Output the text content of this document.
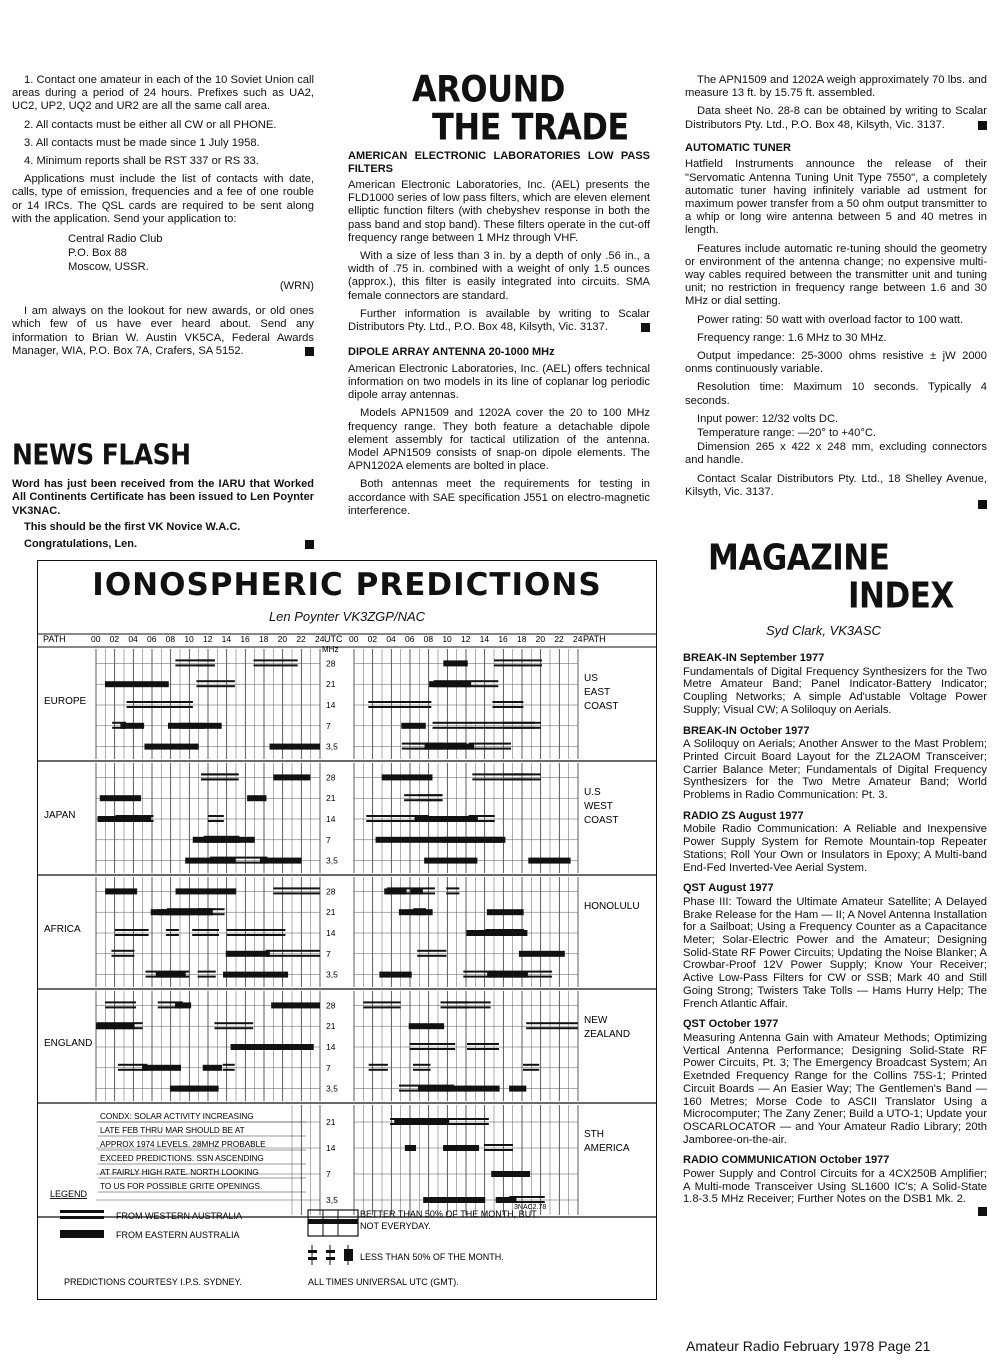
1. Contact one amateur in each of the 10 Soviet Union call areas during a period of 24 hours. Prefixes such as UA2, UC2, UP2, UQ2 and UR2 are all the same call area.

2. All contacts must be either all CW or all PHONE.

3. All contacts must be made since 1 July 1958.

4. Minimum reports shall be RST 337 or RS 33.

Applications must include the list of contacts with date, calls, type of emission, frequencies and a fee of one rouble or 14 IRCs. The QSL cards are required to be sent along with the application. Send your application to:

Central Radio Club
P.O. Box 88
Moscow, USSR.
(WRN)

I am always on the lookout for new awards, or old ones which few of us have ever heard about. Send any information to Brian W. Austin VK5CA, Federal Awards Manager, WIA, P.O. Box 7A, Crafers, SA 5152.

NEWS FLASH

Word has just been received from the IARU that Worked All Continents Certificate has been issued to Len Poynter VK3NAC.

This should be the first VK Novice W.A.C.

Congratulations, Len.

AROUND
THE TRADE
AMERICAN ELECTRONIC LABORATORIES LOW PASS FILTERS

American Electronic Laboratories, Inc. (AEL) presents the FLD1000 series of low pass filters, which are eleven element elliptic function filters (with chebyshev response in both the pass band and stop band). These filters operate in the cut-off frequency range between 1 MHz through VHF.

With a size of less than 3 in. by a depth of only .56 in., a width of .75 in. combined with a weight of only 1.5 ounces (approx.), this filter is easily integrated into circuits. SMA female connectors are standard.

Further information is available by writing to Scalar Distributors Pty. Ltd., P.O. Box 48, Kilsyth, Vic. 3137.

DIPOLE ARRAY ANTENNA 20-1000 MHz

American Electronic Laboratories, Inc. (AEL) offers technical information on two models in its line of coplanar log periodic dipole array antennas.

Models APN1509 and 1202A cover the 20 to 100 MHz frequency range. They both feature a detachable dipole element assembly for tactical utilization of the antenna. Model APN1509 consists of snap-on dipole elements. The APN1202A elements are bolted in place.

Both antennas meet the requirements for testing in accordance with SAE specification J551 on electro-magnetic interference.

The APN1509 and 1202A weigh approximately 70 lbs. and measure 13 ft. by 15.75 ft. assembled.

Data sheet No. 28-8 can be obtained by writing to Scalar Distributors Pty. Ltd., P.O. Box 48, Kilsyth, Vic. 3137.

AUTOMATIC TUNER

Hatfield Instruments announce the release of their "Servomatic Antenna Tuning Unit Type 7550", a completely automatic tuner having infinitely variable ad ustment for maximum power transfer from a 50 ohm output transmitter to a whip or long wire antenna between 5 and 40 metres in length.

Features include automatic re-tuning should the geometry or environment of the antenna change; no expensive multi-way cables required between the transmitter unit and tuning unit; no restriction in frequency range between 1.6 and 30 MHz or dial setting.

Power rating: 50 watt with overload factor to 100 watt.

Frequency range: 1.6 MHz to 30 MHz.

Output impedance: 25-3000 ohms resistive ± jW 2000 onms continuously variable.

Resolution time: Maximum 10 seconds. Typically 4 seconds.

Input power: 12/32 volts DC.

Temperature range: —20° to +40°C.

Dimension 265 x 422 x 248 mm, excluding connectors and handle.

Contact Scalar Distributors Pty. Ltd., 18 Shelley Avenue, Kilsyth, Vic. 3137.

MAGAZINE
INDEX
Syd Clark, VK3ASC
BREAK-IN September 1977

Fundamentals of Digital Frequency Synthesizers for the Two Metre Amateur Band; Panel Indicator-Battery Indicator; Coupling Networks; A simple Ad'ustable Voltage Power Supply; Visual CW; A Soliloquy on Aerials.

BREAK-IN October 1977

A Soliloquy on Aerials; Another Answer to the Mast Problem; Printed Circuit Board Layout for the ZL2AOM Transceiver; Carrier Balance Meter; Fundamentals of Digital Frequency Synthesizers for the Two Metre Amateur Band; World Problems in Radio Communication: Pt. 3.

RADIO ZS August 1977

Mobile Radio Communication: A Reliable and Inexpensive Power Supply System for Remote Mountain-top Repeater Stations; Roll Your Own or Insulators in Epoxy; A Multi-band End-Fed Inverted-Vee Aerial System.

QST August 1977

Phase III: Toward the Ultimate Amateur Satellite; A Delayed Brake Release for the Ham — II; A Novel Antenna Installation for a Sailboat; Using a Frequency Counter as a Capacitance Meter; Solar-Electric Power and the Amateur; Designing Solid-State RF Power Circuits; Updating the Noise Blanker; A Crowbar-Proof 12V Power Supply; Know Your Receiver; Active Low-Pass Filters for CW or SSB; Mark 40 and Still Going Strong; Twisters Take Tolls — Hams Hurry Help; The French Atlantic Affair.

QST October 1977

Measuring Antenna Gain with Amateur Methods; Optimizing Vertical Antenna Performance; Designing Solid-State RF Power Circuits, Pt. 3; The Emergency Broadcast System; An Exetnded Frequency Range for the Collins 75S-1; Printed Circuit Boards — An Easier Way; The Gentlemen's Band — 160 Metres; Morse Code to ASCII Translator Using a Microcomputer; The Zany Zener; Build a UTO-1; Update your OSCARLOCATOR — and Your Amateur Radio Library; 20th Jamboree-on-the-air.

RADIO COMMUNICATION October 1977

Power Supply and Control Circuits for a 4CX250B Amplifier; A Multi-mode Transceiver Using SL1600 IC's; A Solid-State 1.8-3.5 MHz Receiver; Further Notes on the DSB1 Mk. 2.

IONOSPHERIC PREDICTIONS
Len Poynter VK3ZGP/NAC
PATH	UTC
MHz
PATH
00 02 04 06 08 10 12 14 16 18 20 22 24	00 02 04 06 08 10 12 14 16 18 20 22 24
28
21
14
7
3,5
EUROPE
US
EAST
COAST
28
21
14
7
3,5
JAPAN
U.S
WEST
COAST
28
21
14
7
3,5
AFRICA
HONOLULU
28
21
14
7
3,5
ENGLAND
NEW
ZEALAND
21
14
7
3,5
STH
AMERICA
CONDX: SOLAR ACTIVITY INCREASING
LATE FEB THRU MAR SHOULD BE AT
APPROX 1974 LEVELS. 28MHZ PROBABLE
EXCEED PREDICTIONS. SSN ASCENDING
AT FAIRLY HIGH RATE. NORTH LOOKING
TO US FOR POSSIBLE GRITE OPENINGS.
3NAC2.78
LEGEND
FROM WESTERN AUSTRALIA
FROM EASTERN AUSTRALIA
BETTER THAN 50% OF THE MONTH, BUT
NOT EVERYDAY.
LESS THAN 50% OF THE MONTH.
PREDICTIONS COURTESY I.P.S. SYDNEY.	ALL TIMES UNIVERSAL UTC (GMT).
Amateur Radio February 1978 Page 21
